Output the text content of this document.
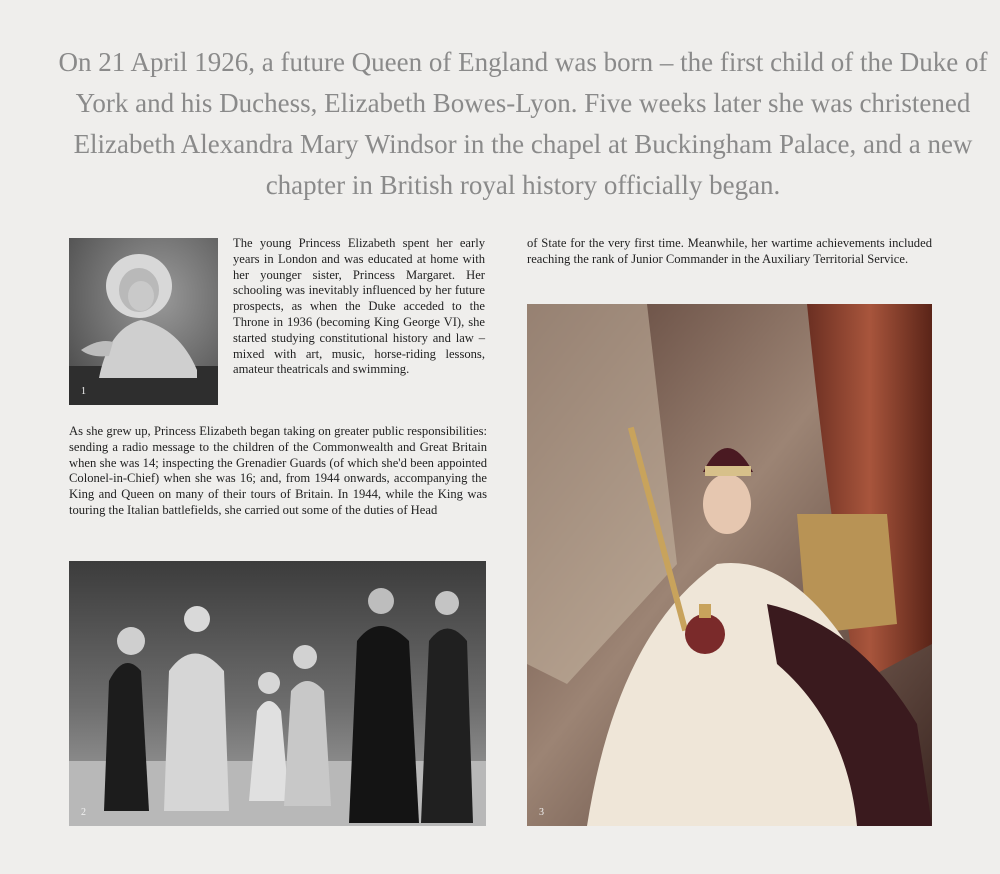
On 21 April 1926, a future Queen of England was born – the first child of the Duke of York and his Duchess, Elizabeth Bowes-Lyon. Five weeks later she was christened Elizabeth Alexandra Mary Windsor in the chapel at Buckingham Palace, and a new chapter in British royal history officially began.
1

The young Princess Elizabeth spent her early years in London and was educated at home with her younger sister, Princess Margaret. Her schooling was inevitably influenced by her future prospects, as when the Duke acceded to the Throne in 1936 (becoming King George VI), she started studying constitutional history and law – mixed with art, music, horse-riding lessons, amateur theatricals and swimming.

As she grew up, Princess Elizabeth began taking on greater public responsibilities: sending a radio message to the children of the Commonwealth and Great Britain when she was 14; inspecting the Grenadier Guards (of which she'd been appointed Colonel-in-Chief) when she was 16; and, from 1944 onwards, accompanying the King and Queen on many of their tours of Britain. In 1944, while the King was touring the Italian battlefields, she carried out some of the duties of Head

of State for the very first time. Meanwhile, her wartime achievements included reaching the rank of Junior Commander in the Auxiliary Territorial Service.

2	3
